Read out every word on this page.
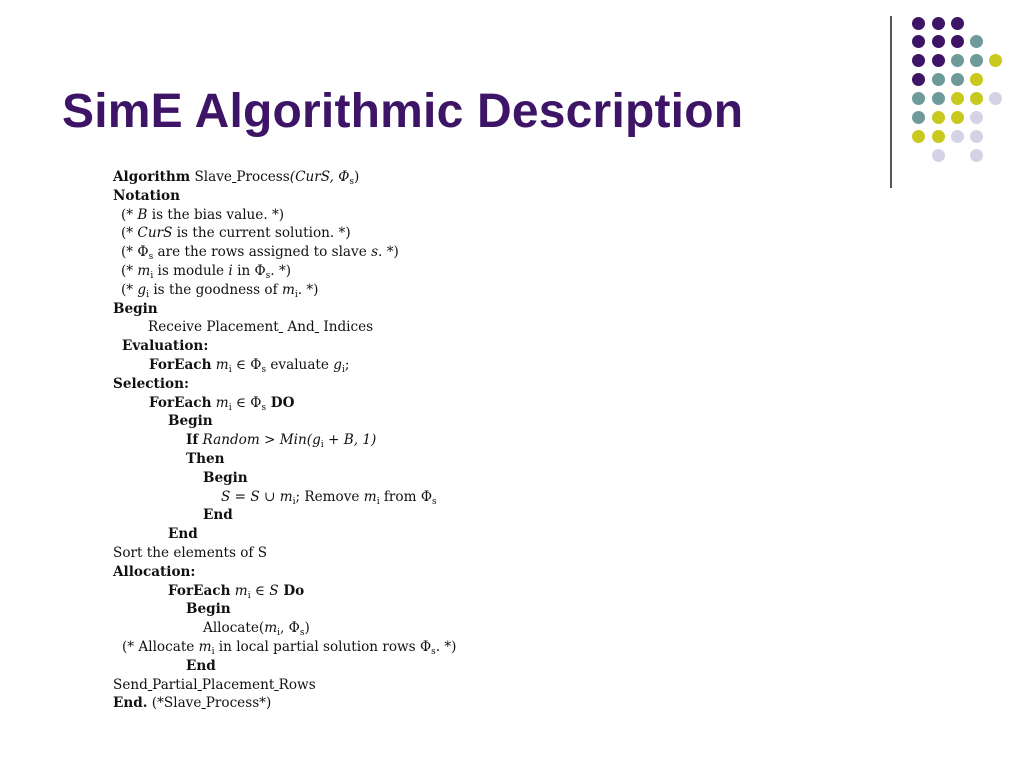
SimE Algorithmic Description
Algorithm Slave Process(CurS, $\Phi_s$)
Notation
(* B is the bias value. *)
(* CurS is the current solution. *)
(* $\Phi_s$ are the rows assigned to slave s. *)
(* $m_i$ is module i in $\Phi_s$. *)
(* $g_i$ is the goodness of $m_i$. *)
Begin
Receive Placement  And  Indices
Evaluation:
ForEach $m_i$ ∈ $\Phi_s$ evaluate $g_i$;
Selection:
ForEach $m_i$ ∈ $\Phi_s$ DO
Begin
If Random > $Min(g_i + B$, 1)
Then
Begin
S = S ∪ $m_i$; Remove $m_i$ from $\Phi_s$
End
End
Sort the elements of S
Allocation:
ForEach $m_i$ ∈ S Do
Begin
$Allocate(m_i$, $\Phi_s$)
(* Allocate $m_i$ in local partial solution rows $\Phi_s$. *)
End
Send Partial Placement Rows
End. (*Slave Process*)
